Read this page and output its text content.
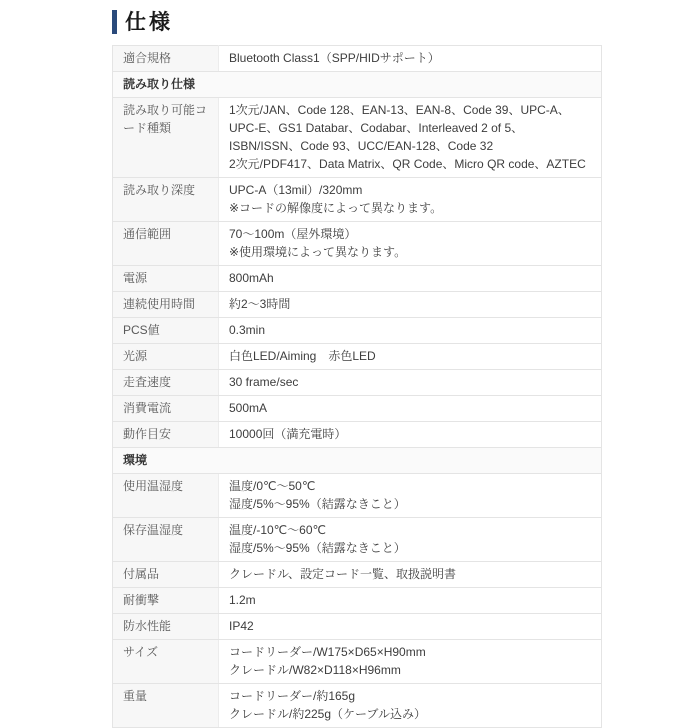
仕様
適合規格	Bluetooth Class1（SPP/HIDサポート）

読み取り仕様	
読み取り可能コード種類	1次元/JAN、Code 128、EAN-13、EAN-8、Code 39、UPC-A、UPC-E、GS1 Databar、Codabar、Interleaved 2 of 5、ISBN/ISSN、Code 93、UCC/EAN-128、Code 32
2次元/PDF417、Data Matrix、QR Code、Micro QR code、AZTEC

読み取り深度	UPC-A（13mil）/320mm
※コードの解像度によって異なります。

通信範囲	70〜100m（屋外環境）
※使用環境によって異なります。

電源	800mAh

連続使用時間	約2〜3時間

PCS値	0.3min

光源	白色LED/Aiming　赤色LED

走査速度	30 frame/sec

消費電流	500mA

動作目安	10000回（満充電時）

環境	
使用温湿度	温度/0℃〜50℃
湿度/5%〜95%（結露なきこと）

保存温湿度	温度/-10℃〜60℃
湿度/5%〜95%（結露なきこと）

付属品	クレードル、設定コード一覧、取扱説明書

耐衝撃	1.2m

防水性能	IP42

サイズ	コードリーダー/W175×D65×H90mm
クレードル/W82×D118×H96mm

重量	コードリーダー/約165g
クレードル/約225g（ケーブル込み）
